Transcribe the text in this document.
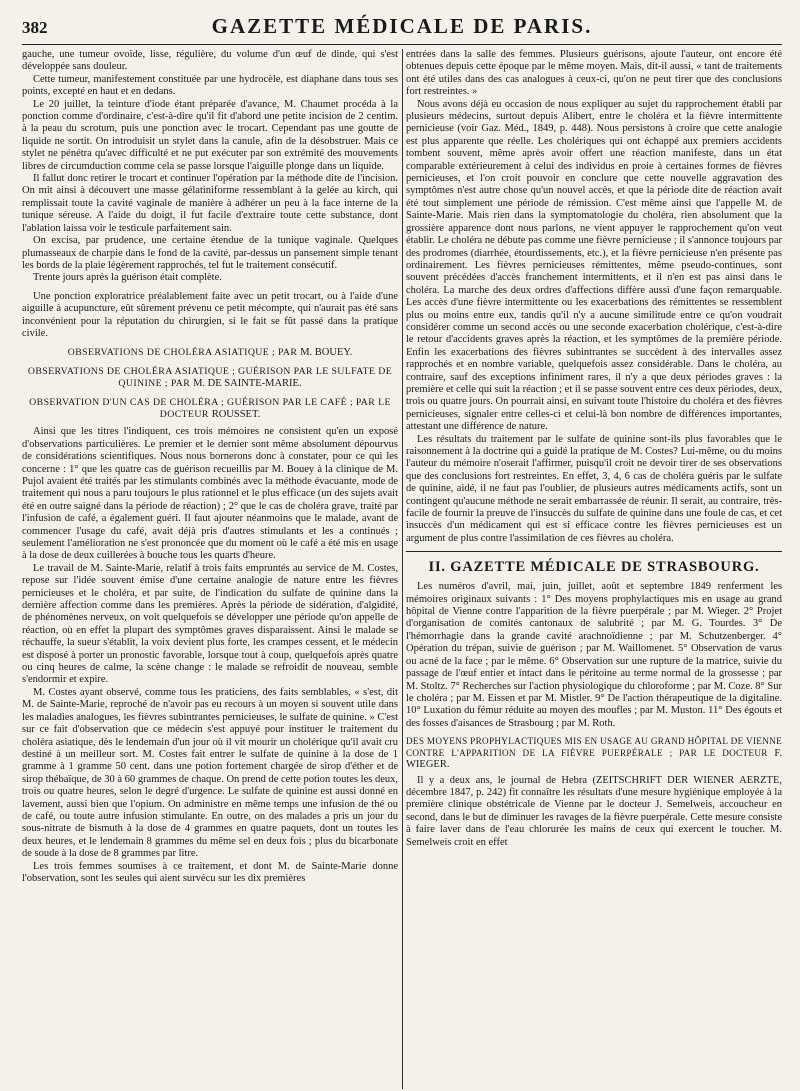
382	GAZETTE MÉDICALE DE PARIS.

gauche, une tumeur ovoïde, lisse, régulière, du volume d'un œuf de dinde, qui s'est développée sans douleur.

Cette tumeur, manifestement constituée par une hydrocèle, est diaphane dans tous ses points, excepté en haut et en dedans.

Le 20 juillet, la teinture d'iode étant préparée d'avance, M. Chaumet procéda à la ponction comme d'ordinaire, c'est-à-dire qu'il fit d'abord une petite incision de 2 centim. à la peau du scrotum, puis une ponction avec le trocart. Cependant pas une goutte de liquide ne sortit. On introduisit un stylet dans la canule, afin de la désobstruer. Mais ce stylet ne pénétra qu'avec difficulté et ne put exécuter par son extrémité des mouvements libres de circumduction comme cela se passe lorsque l'aiguille plonge dans un liquide.

Il fallut donc retirer le trocart et continuer l'opération par la méthode dite de l'incision. On mit ainsi à découvert une masse gélatiniforme ressemblant à la gelée au kirch, qui remplissait toute la cavité vaginale de manière à adhérer un peu à la face interne de la tunique séreuse. A l'aide du doigt, il fut facile d'extraire toute cette substance, dont l'ablation laissa voir le testicule parfaitement sain.

On excisa, par prudence, une certaine étendue de la tunique vaginale. Quelques plumasseaux de charpie dans le fond de la cavité, par-dessus un pansement simple tenant les bords de la plaie légèrement rapprochés, tel fut le traitement consécutif.

Trente jours après la guérison était complète.

Une ponction exploratrice préalablement faite avec un petit trocart, ou à l'aide d'une aiguille à acupuncture, eût sûrement prévenu ce petit mécompte, qui n'aurait pas été sans inconvénient pour la réputation du chirurgien, si le fait se fût passé dans la pratique civile.

OBSERVATIONS DE CHOLÉRA ASIATIQUE ; PAR M. BOUEY.
OBSERVATIONS DE CHOLÉRA ASIATIQUE ; GUÉRISON PAR LE SULFATE DE QUININE ; PAR M. DE SAINTE-MARIE.
OBSERVATION D'UN CAS DE CHOLÉRA ; GUÉRISON PAR LE CAFÉ ; PAR LE DOCTEUR ROUSSET.

Ainsi que les titres l'indiquent, ces trois mémoires ne consistent qu'en un exposé d'observations particulières. Le premier et le dernier sont même absolument dépourvus de considérations scientifiques. Nous nous bornerons donc à constater, pour ce qui les concerne : 1° que les quatre cas de guérison recueillis par M. Bouey à la clinique de M. Pujol avaient été traités par les stimulants combinés avec la méthode évacuante, mode de traitement qui nous a paru toujours le plus rationnel et le plus efficace (un des sujets avait été en outre saigné dans la période de réaction) ; 2° que le cas de choléra grave, traité par l'infusion de café, a également guéri. Il faut ajouter néanmoins que le malade, avant de commencer l'usage du café, avait déjà pris d'autres stimulants et les a continués ; seulement l'amélioration ne s'est prononcée que du moment où le café a été mis en usage à la dose de deux cuillerées à bouche tous les quarts d'heure.

Le travail de M. Sainte-Marie, relatif à trois faits empruntés au service de M. Costes, repose sur l'idée souvent émise d'une certaine analogie de nature entre les fièvres pernicieuses et le choléra, et par suite, de l'indication du sulfate de quinine dans la dernière affection comme dans les premières. Après la période de sidération, d'algidité, de phénomènes nerveux, on voit quelquefois se développer une période qu'on appelle de réaction, où en effet la plupart des symptômes graves disparaissent. Ainsi le malade se réchauffe, la sueur s'établit, la voix devient plus forte, les crampes cessent, et le médecin est disposé à porter un pronostic favorable, lorsque tout à coup, quelquefois après quatre ou cinq heures de calme, la scène change : le malade se refroidit de nouveau, semble s'endormir et expire.

M. Costes ayant observé, comme tous les praticiens, des faits semblables, « s'est, dit M. de Sainte-Marie, reproché de n'avoir pas eu recours à un moyen si souvent utile dans les maladies analogues, les fièvres subintrantes pernicieuses, le sulfate de quinine. » C'est sur ce fait d'observation que ce médecin s'est appuyé pour instituer le traitement du choléra asiatique, dès le lendemain d'un jour où il vit mourir un cholérique qu'il avait cru destiné à un meilleur sort. M. Costes fait entrer le sulfate de quinine à la dose de 1 gramme à 1 gramme 50 cent. dans une potion fortement chargée de sirop d'éther et de sirop thébaïque, de 30 à 60 grammes de chaque. On prend de cette potion toutes les deux, trois ou quatre heures, selon le degré d'urgence. Le sulfate de quinine est aussi donné en lavement, aussi bien que l'opium. On administre en même temps une infusion de thé ou de café, ou toute autre infusion stimulante. En outre, on des malades a pris un jour du sous-nitrate de bismuth à la dose de 4 grammes en quatre paquets, dont un toutes les deux heures, et le lendemain 8 grammes du même sel en deux fois ; plus du bicarbonate de soude à la dose de 8 grammes par litre.

Les trois femmes soumises à ce traitement, et dont M. de Sainte-Marie donne l'observation, sont les seules qui aient survécu sur les dix premières

entrées dans la salle des femmes. Plusieurs guérisons, ajoute l'auteur, ont encore été obtenues depuis cette époque par le même moyen. Mais, dit-il aussi, « tant de traitements ont été utiles dans des cas analogues à ceux-ci, qu'on ne peut tirer que des conclusions fort restreintes. »

Nous avons déjà eu occasion de nous expliquer au sujet du rapprochement établi par plusieurs médecins, surtout depuis Alibert, entre le choléra et la fièvre intermittente pernicieuse (voir Gaz. Méd., 1849, p. 448). Nous persistons à croire que cette analogie est plus apparente que réelle. Les cholériques qui ont échappé aux premiers accidents tombent souvent, même après avoir offert une réaction manifeste, dans un état comparable extérieurement à celui des individus en proie à certaines formes de fièvres pernicieuses, et l'on croit pouvoir en conclure que cette nouvelle aggravation des symptômes n'est autre chose qu'un nouvel accès, et que la période dite de réaction avait été tout simplement une période de rémission. C'est même ainsi que l'appelle M. de Sainte-Marie. Mais rien dans la symptomatologie du choléra, rien absolument que la grossière apparence dont nous parlons, ne vient appuyer le rapprochement qu'on veut établir. Le choléra ne débute pas comme une fièvre pernicieuse ; il s'annonce toujours par des prodromes (diarrhée, étourdissements, etc.), et la fièvre pernicieuse n'en présente pas ordinairement. Les fièvres pernicieuses rémittentes, même pseudo-continues, sont souvent précédées d'accès franchement intermittents, et il n'en est pas ainsi dans le choléra. La marche des deux ordres d'affections diffère aussi d'une façon remarquable. Les accès d'une fièvre intermittente ou les exacerbations des rémittentes se ressemblent plus ou moins entre eux, tandis qu'il n'y a aucune similitude entre ce qu'on voudrait considérer comme un second accès ou une seconde exacerbation cholérique, c'est-à-dire le retour d'accidents graves après la réaction, et les symptômes de la première période. Enfin les exacerbations des fièvres subintrantes se succèdent à des intervalles assez rapprochés et en nombre variable, quelquefois assez considérable. Dans le choléra, au contraire, sauf des exceptions infiniment rares, il n'y a que deux périodes graves : la première et celle qui suit la réaction ; et il se passe souvent entre ces deux périodes, deux, trois ou quatre jours. On pourrait ainsi, en suivant toute l'histoire du choléra et des fièvres pernicieuses, signaler entre celles-ci et celui-là bon nombre de différences importantes, attestant une différence de nature.

Les résultats du traitement par le sulfate de quinine sont-ils plus favorables que le raisonnement à la doctrine qui a guidé la pratique de M. Costes? Lui-même, ou du moins l'auteur du mémoire n'oserait l'affirmer, puisqu'il croit ne devoir tirer de ses observations que des conclusions fort restreintes. En effet, 3, 4, 6 cas de choléra guéris par le sulfate de quinine, aidé, il ne faut pas l'oublier, de plusieurs autres médicaments actifs, sont un contingent qu'aucune méthode ne serait embarrassée de réunir. Il serait, au contraire, très-facile de fournir la preuve de l'insuccès du sulfate de quinine dans une foule de cas, et cet insuccès d'un médicament qui est si efficace contre les fièvres pernicieuses est un argument de plus contre l'assimilation de ces fièvres au choléra.

II. GAZETTE MÉDICALE DE STRASBOURG.

Les numéros d'avril, mai, juin, juillet, août et septembre 1849 renferment les mémoires originaux suivants : 1° Des moyens prophylactiques mis en usage au grand hôpital de Vienne contre l'apparition de la fièvre puerpérale ; par M. Wieger. 2° Projet d'organisation de comités cantonaux de salubrité ; par M. G. Tourdes. 3° De l'hémorrhagie dans la grande cavité arachnoïdienne ; par M. Schutzenberger. 4° Opération du trépan, suivie de guérison ; par M. Waillomenet. 5° Observation de varus ou acné de la face ; par le même. 6° Observation sur une rupture de la matrice, suivie du passage de l'œuf entier et intact dans le péritoine au terme normal de la grossesse ; par M. Stoltz. 7° Recherches sur l'action physiologique du chloroforme ; par M. Coze. 8° Sur le choléra ; par M. Eissen et par M. Mistler. 9° De l'action thérapeutique de la digitaline. 10° Luxation du fémur réduite au moyen des moufles ; par M. Muston. 11° Des égouts et des fosses d'aisances de Strasbourg ; par M. Roth.

DES MOYENS PROPHYLACTIQUES MIS EN USAGE AU GRAND HÔPITAL DE VIENNE CONTRE L'APPARITION DE LA FIÈVRE PUERPÉRALE ; PAR LE DOCTEUR F. WIEGER.

Il y a deux ans, le journal de Hebra (ZEITSCHRIFT DER WIENER AERZTE, décembre 1847, p. 242) fit connaître les résultats d'une mesure hygiénique employée à la première clinique obstétricale de Vienne par le docteur J. Semelweis, accoucheur en second, dans le but de diminuer les ravages de la fièvre puerpérale. Cette mesure consiste à faire laver dans de l'eau chlorurée les mains de ceux qui exercent le toucher. M. Semelweis croit en effet
